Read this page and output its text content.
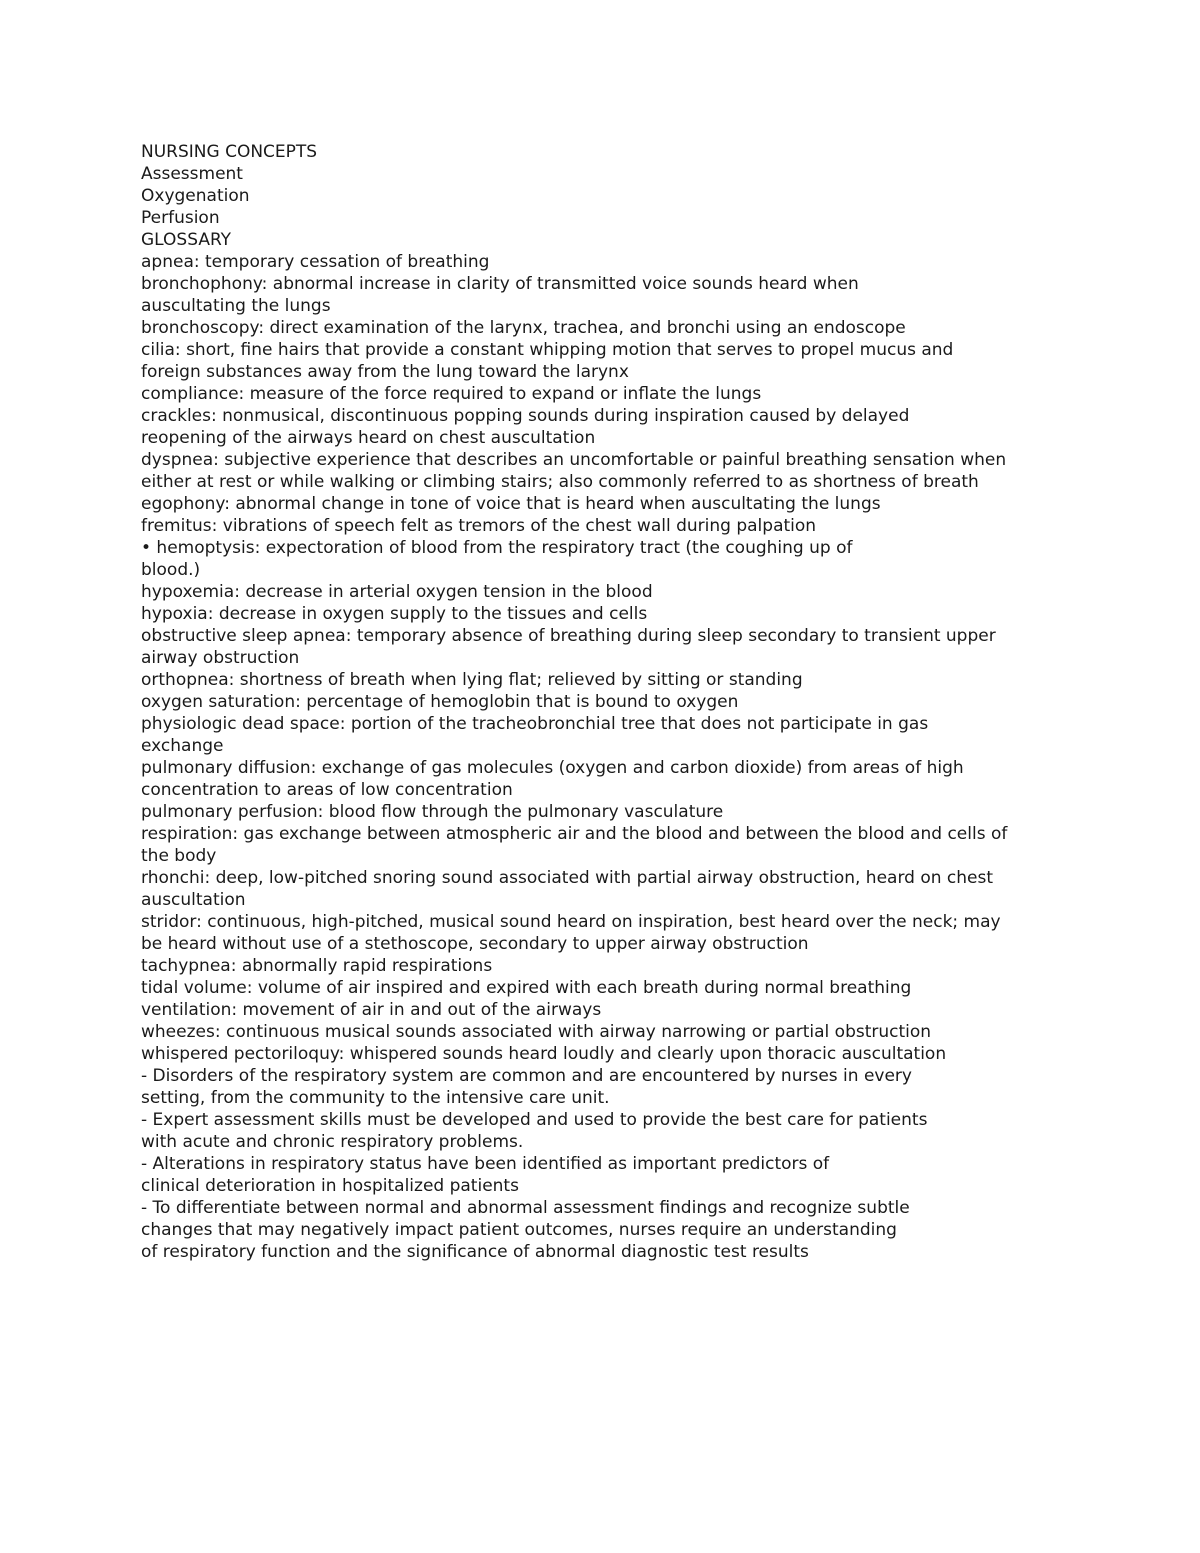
NURSING CONCEPTS
Assessment
Oxygenation
Perfusion
GLOSSARY
apnea: temporary cessation of breathing
bronchophony: abnormal increase in clarity of transmitted voice sounds heard when
auscultating the lungs
bronchoscopy: direct examination of the larynx, trachea, and bronchi using an endoscope
cilia: short, fine hairs that provide a constant whipping motion that serves to propel mucus and
foreign substances away from the lung toward the larynx
compliance: measure of the force required to expand or inflate the lungs
crackles: nonmusical, discontinuous popping sounds during inspiration caused by delayed
reopening of the airways heard on chest auscultation
dyspnea: subjective experience that describes an uncomfortable or painful breathing sensation when
either at rest or while walking or climbing stairs; also commonly referred to as shortness of breath
egophony: abnormal change in tone of voice that is heard when auscultating the lungs
fremitus: vibrations of speech felt as tremors of the chest wall during palpation
• hemoptysis: expectoration of blood from the respiratory tract (the coughing up of
blood.)
hypoxemia: decrease in arterial oxygen tension in the blood
hypoxia: decrease in oxygen supply to the tissues and cells
obstructive sleep apnea: temporary absence of breathing during sleep secondary to transient upper
airway obstruction
orthopnea: shortness of breath when lying flat; relieved by sitting or standing
oxygen saturation: percentage of hemoglobin that is bound to oxygen
physiologic dead space: portion of the tracheobronchial tree that does not participate in gas
exchange
pulmonary diffusion: exchange of gas molecules (oxygen and carbon dioxide) from areas of high
concentration to areas of low concentration
pulmonary perfusion: blood flow through the pulmonary vasculature
respiration: gas exchange between atmospheric air and the blood and between the blood and cells of
the body
rhonchi: deep, low-pitched snoring sound associated with partial airway obstruction, heard on chest
auscultation
stridor: continuous, high-pitched, musical sound heard on inspiration, best heard over the neck; may
be heard without use of a stethoscope, secondary to upper airway obstruction
tachypnea: abnormally rapid respirations
tidal volume: volume of air inspired and expired with each breath during normal breathing
ventilation: movement of air in and out of the airways
wheezes: continuous musical sounds associated with airway narrowing or partial obstruction
whispered pectoriloquy: whispered sounds heard loudly and clearly upon thoracic auscultation
- Disorders of the respiratory system are common and are encountered by nurses in every
setting, from the community to the intensive care unit.
- Expert assessment skills must be developed and used to provide the best care for patients
with acute and chronic respiratory problems.
- Alterations in respiratory status have been identified as important predictors of
clinical deterioration in hospitalized patients
- To differentiate between normal and abnormal assessment findings and recognize subtle
changes that may negatively impact patient outcomes, nurses require an understanding
of respiratory function and the significance of abnormal diagnostic test results
